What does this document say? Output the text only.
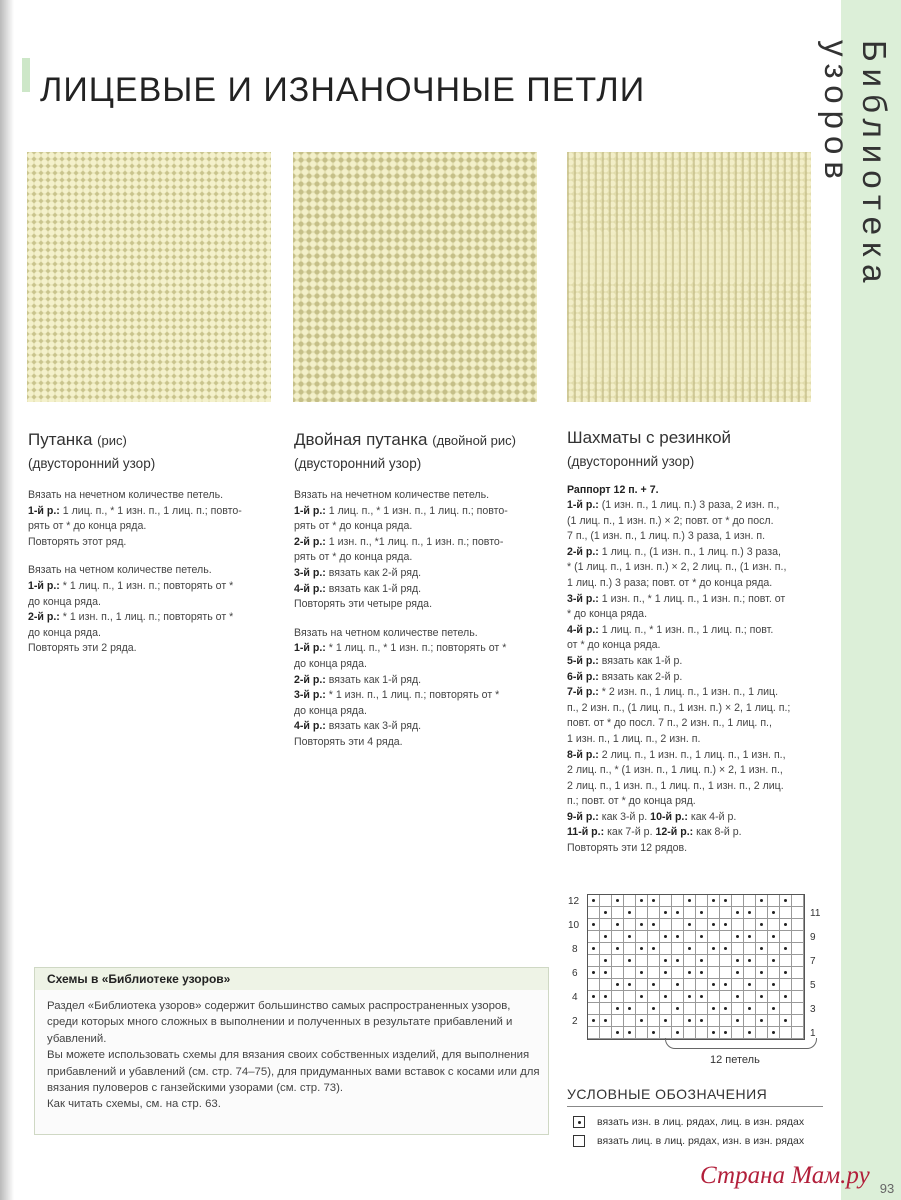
Библиотека узоров
ЛИЦЕВЫЕ И ИЗНАНОЧНЫЕ ПЕТЛИ
Путанка (рис)
(двусторонний узор)
Вязать на нечетном количестве петель.
1-й р.: 1 лиц. п., * 1 изн. п., 1 лиц. п.; повто-
рять от * до конца ряда.
Повторять этот ряд.
Вязать на четном количестве петель.
1-й р.: * 1 лиц. п., 1 изн. п.; повторять от *
до конца ряда.
2-й р.: * 1 изн. п., 1 лиц. п.; повторять от *
до конца ряда.
Повторять эти 2 ряда.
Двойная путанка (двойной рис)
(двусторонний узор)
Вязать на нечетном количестве петель.
1-й р.: 1 лиц. п., * 1 изн. п., 1 лиц. п.; повто-
рять от * до конца ряда.
2-й р.: 1 изн. п., *1 лиц. п., 1 изн. п.; повто-
рять от * до конца ряда.
3-й р.: вязать как 2-й ряд.
4-й р.: вязать как 1-й ряд.
Повторять эти четыре ряда.
Вязать на четном количестве петель.
1-й р.: * 1 лиц. п., * 1 изн. п.; повторять от *
до конца ряда.
2-й р.: вязать как 1-й ряд.
3-й р.: * 1 изн. п., 1 лиц. п.; повторять от *
до конца ряда.
4-й р.: вязать как 3-й ряд.
Повторять эти 4 ряда.
Шахматы с резинкой
(двусторонний узор)
Раппорт 12 п. + 7.
1-й р.: (1 изн. п., 1 лиц. п.) 3 раза, 2 изн. п.,
(1 лиц. п., 1 изн. п.) × 2; повт. от * до посл.
7 п., (1 изн. п., 1 лиц. п.) 3 раза, 1 изн. п.
2-й р.: 1 лиц. п., (1 изн. п., 1 лиц. п.) 3 раза,
* (1 лиц. п., 1 изн. п.) × 2, 2 лиц. п., (1 изн. п.,
1 лиц. п.) 3 раза; повт. от * до конца ряда.
3-й р.: 1 изн. п., * 1 лиц. п., 1 изн. п.; повт. от
* до конца ряда.
4-й р.: 1 лиц. п., * 1 изн. п., 1 лиц. п.; повт.
от * до конца ряда.
5-й р.: вязать как 1-й р.
6-й р.: вязать как 2-й р.
7-й р.: * 2 изн. п., 1 лиц. п., 1 изн. п., 1 лиц.
п., 2 изн. п., (1 лиц. п., 1 изн. п.) × 2, 1 лиц. п.;
повт. от * до посл. 7 п., 2 изн. п., 1 лиц. п.,
1 изн. п., 1 лиц. п., 2 изн. п.
8-й р.: 2 лиц. п., 1 изн. п., 1 лиц. п., 1 изн. п.,
2 лиц. п., * (1 изн. п., 1 лиц. п.) × 2, 1 изн. п.,
2 лиц. п., 1 изн. п., 1 лиц. п., 1 изн. п., 2 лиц.
п.; повт. от * до конца ряд.
9-й р.: как 3-й р. 10-й р.: как 4-й р.
11-й р.: как 7-й р. 12-й р.: как 8-й р.
Повторять эти 12 рядов.
12
10
8
6
4
2
11
9
7
5
3
1
12 петель
УСЛОВНЫЕ ОБОЗНАЧЕНИЯ
вязать изн. в лиц. рядах, лиц. в изн. рядах
вязать лиц. в лиц. рядах, изн. в изн. рядах
Схемы в «Библиотеке узоров»

Раздел «Библиотека узоров» содержит большинство самых распространенных узоров, среди которых много сложных в выполнении и полученных в результате прибавлений и убавлений.

Вы можете использовать схемы для вязания своих собственных изделий, для выполнения прибавлений и убавлений (см. стр. 74–75), для придуманных вами вставок с косами или для вязания пуловеров с ганзейскими узорами (см. стр. 73).

Как читать схемы, см. на стр. 63.

Страна Мам.ру 93
